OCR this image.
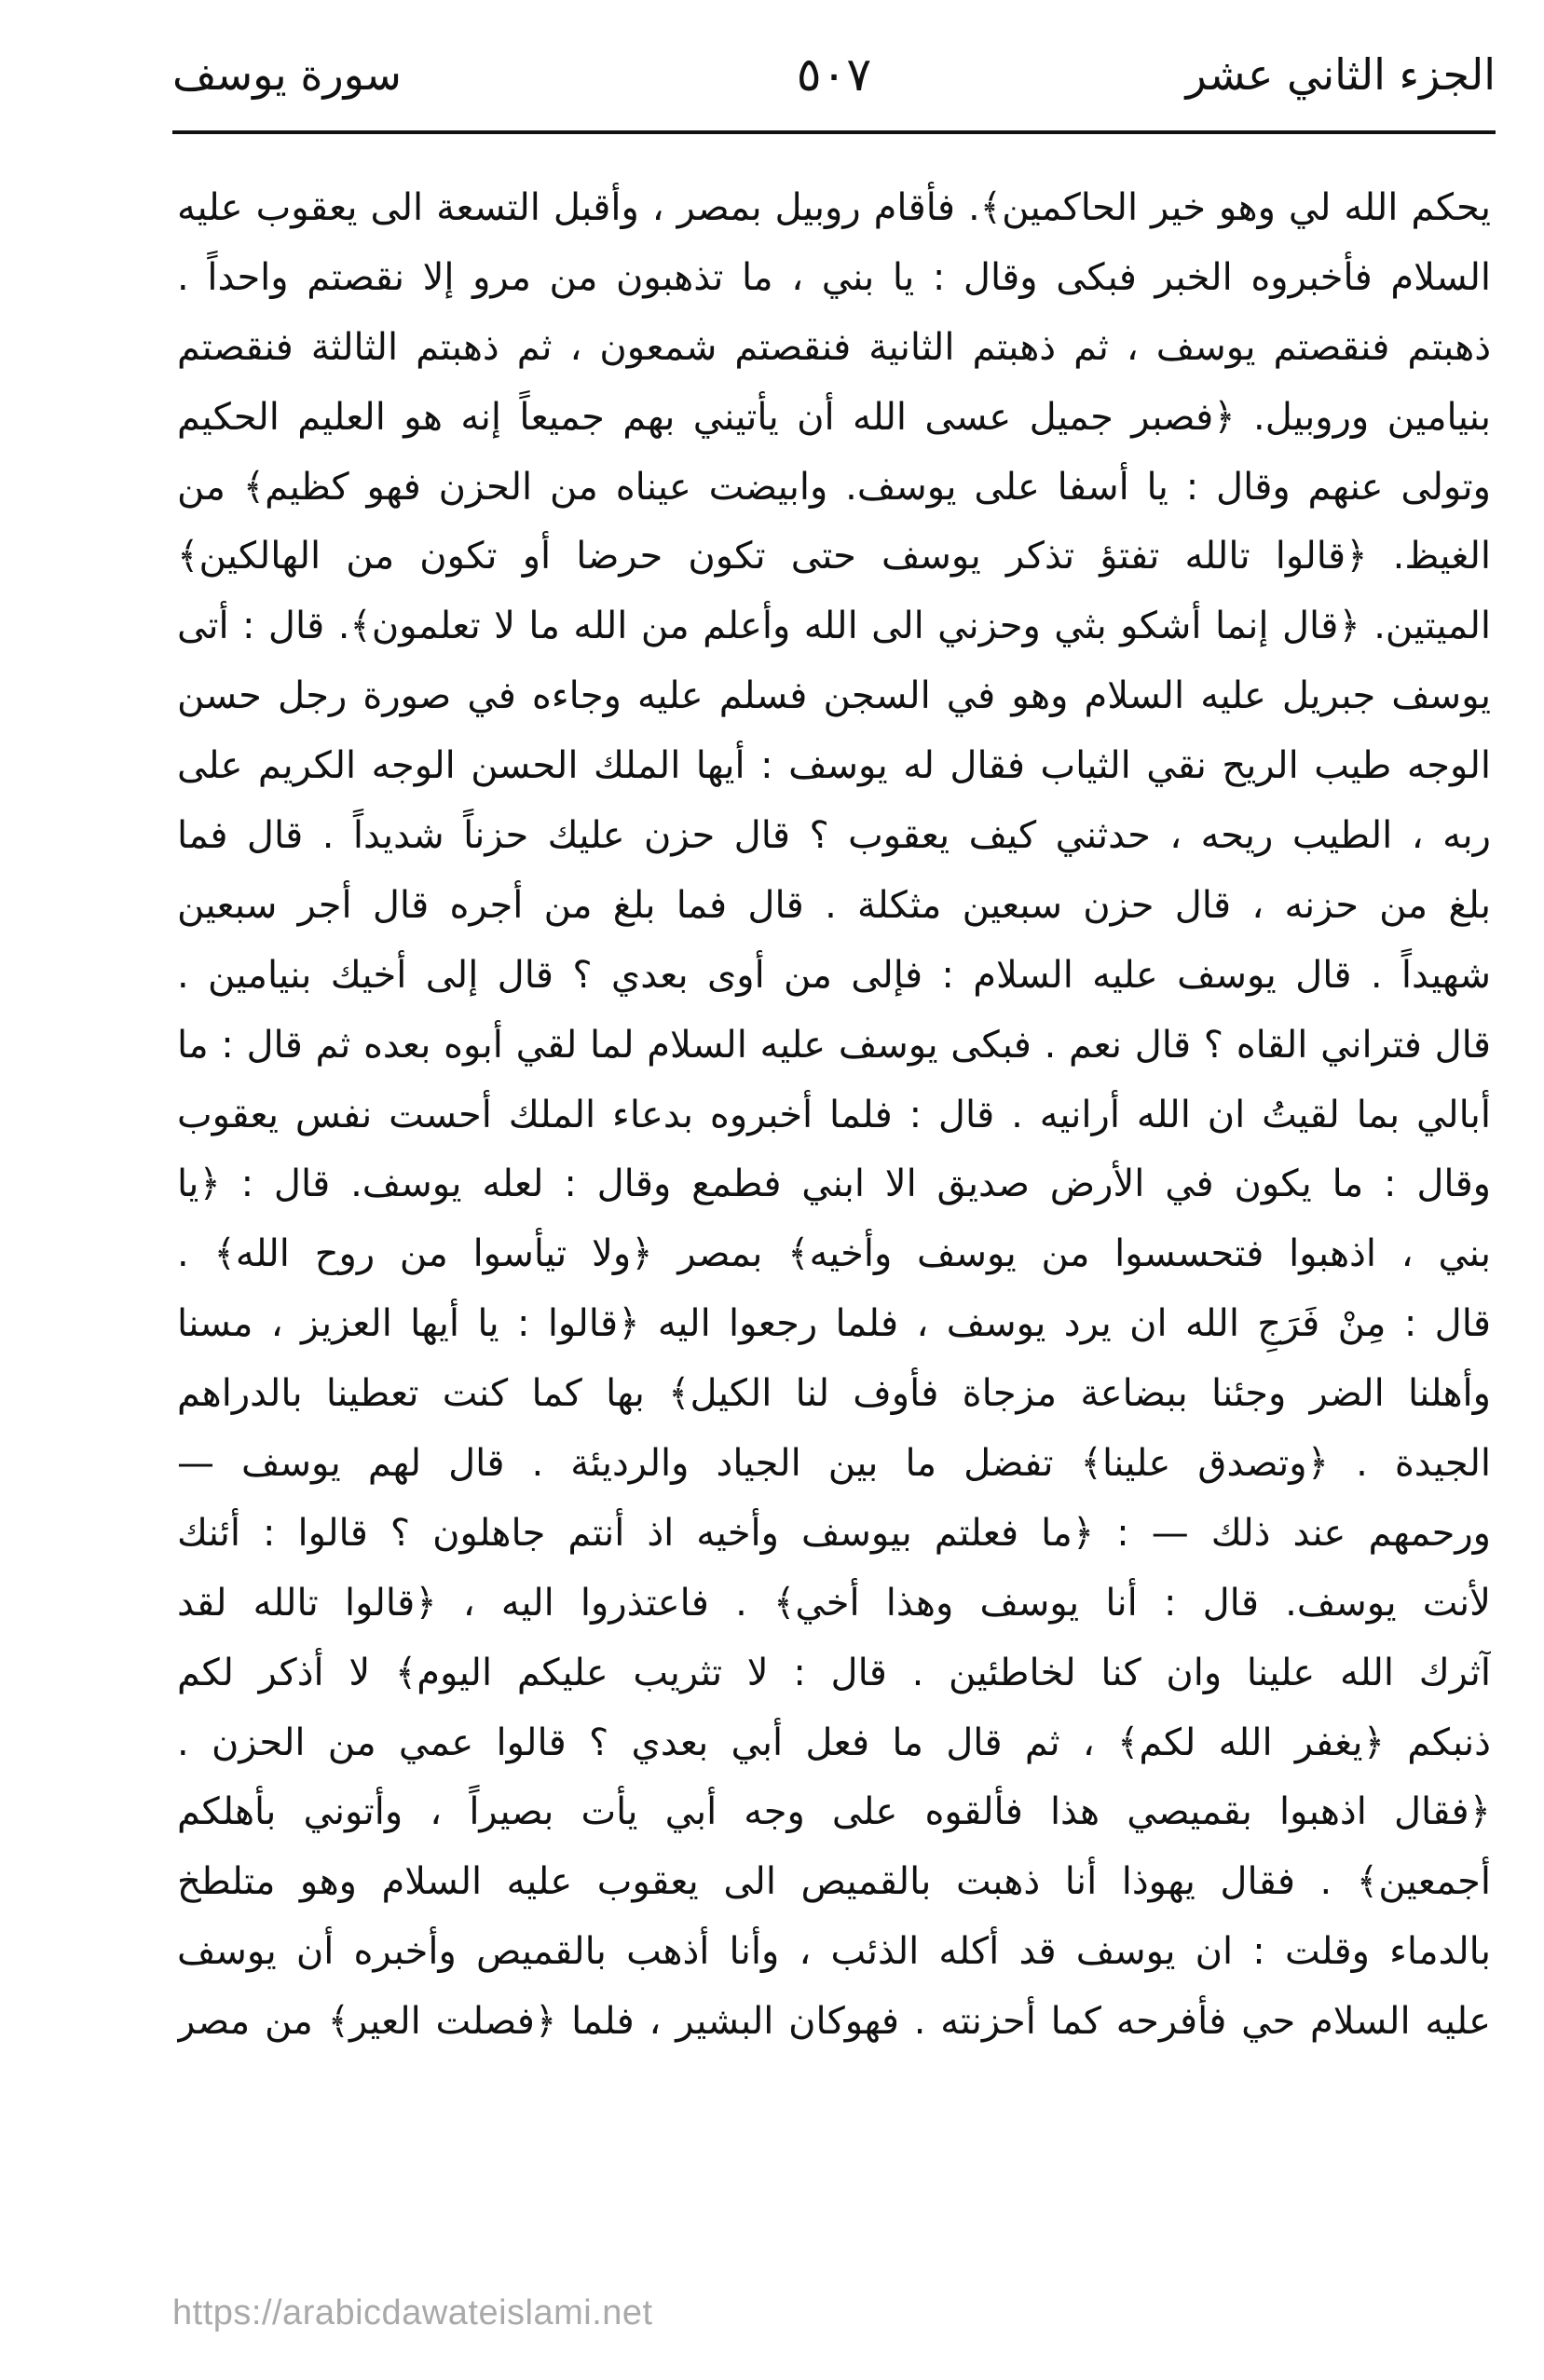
الجزء الثاني عشر
٥٠٧
سورة يوسف
يحكم الله لي وهو خير الحاكمين﴾. فأقام روبيل بمصر ، وأقبل التسعة الى يعقوب عليه
السلام فأخبروه الخبر فبكى وقال : يا بني ، ما تذهبون من مرو إلا نقصتم واحداً .
ذهبتم فنقصتم يوسف ، ثم ذهبتم الثانية فنقصتم شمعون ، ثم ذهبتم الثالثة فنقصتم
بنيامين وروبيل. ﴿فصبر جميل عسى الله أن يأتيني بهم جميعاً إنه هو العليم الحكيم
وتولى عنهم وقال : يا أسفا على يوسف. وابيضت عيناه من الحزن فهو كظيم﴾ من
الغيظ. ﴿قالوا تالله تفتؤ تذكر يوسف حتى تكون حرضا أو تكون من الهالكين﴾
الميتين. ﴿قال إنما أشكو بثي وحزني الى الله وأعلم من الله ما لا تعلمون﴾. قال : أتى
يوسف جبريل عليه السلام وهو في السجن فسلم عليه وجاءه في صورة رجل حسن
الوجه طيب الريح نقي الثياب فقال له يوسف : أيها الملك الحسن الوجه الكريم على
ربه ، الطيب ريحه ، حدثني كيف يعقوب ؟ قال حزن عليك حزناً شديداً . قال فما
بلغ من حزنه ، قال حزن سبعين مثكلة . قال فما بلغ من أجره قال أجر سبعين
شهيداً . قال يوسف عليه السلام : فإلى من أوى بعدي ؟ قال إلى أخيك بنيامين .
قال فتراني القاه ؟ قال نعم . فبكى يوسف عليه السلام لما لقي أبوه بعده ثم قال : ما
أبالي بما لقيتُ ان الله أرانيه . قال : فلما أخبروه بدعاء الملك أحست نفس يعقوب
وقال : ما يكون في الأرض صديق الا ابني فطمع وقال : لعله يوسف. قال : ﴿يا
بني ، اذهبوا فتحسسوا من يوسف وأخيه﴾ بمصر ﴿ولا تيأسوا من روح الله﴾ .
قال : مِنْ فَرَجِ الله ان يرد يوسف ، فلما رجعوا اليه ﴿قالوا : يا أيها العزيز ، مسنا
وأهلنا الضر وجئنا ببضاعة مزجاة فأوف لنا الكيل﴾ بها كما كنت تعطينا بالدراهم
الجيدة . ﴿وتصدق علينا﴾ تفضل ما بين الجياد والرديئة . قال لهم يوسف —
ورحمهم عند ذلك — : ﴿ما فعلتم بيوسف وأخيه اذ أنتم جاهلون ؟ قالوا : أئنك
لأنت يوسف. قال : أنا يوسف وهذا أخي﴾ . فاعتذروا اليه ، ﴿قالوا تالله لقد
آثرك الله علينا وان كنا لخاطئين . قال : لا تثريب عليكم اليوم﴾ لا أذكر لكم
ذنبكم ﴿يغفر الله لكم﴾ ، ثم قال ما فعل أبي بعدي ؟ قالوا عمي من الحزن .
﴿فقال اذهبوا بقميصي هذا فألقوه على وجه أبي يأت بصيراً ، وأتوني بأهلكم
أجمعين﴾ . فقال يهوذا أنا ذهبت بالقميص الى يعقوب عليه السلام وهو متلطخ
بالدماء وقلت : ان يوسف قد أكله الذئب ، وأنا أذهب بالقميص وأخبره أن يوسف
عليه السلام حي فأفرحه كما أحزنته . فهوكان البشير ، فلما ﴿فصلت العير﴾ من مصر
https://arabicdawateislami.net
